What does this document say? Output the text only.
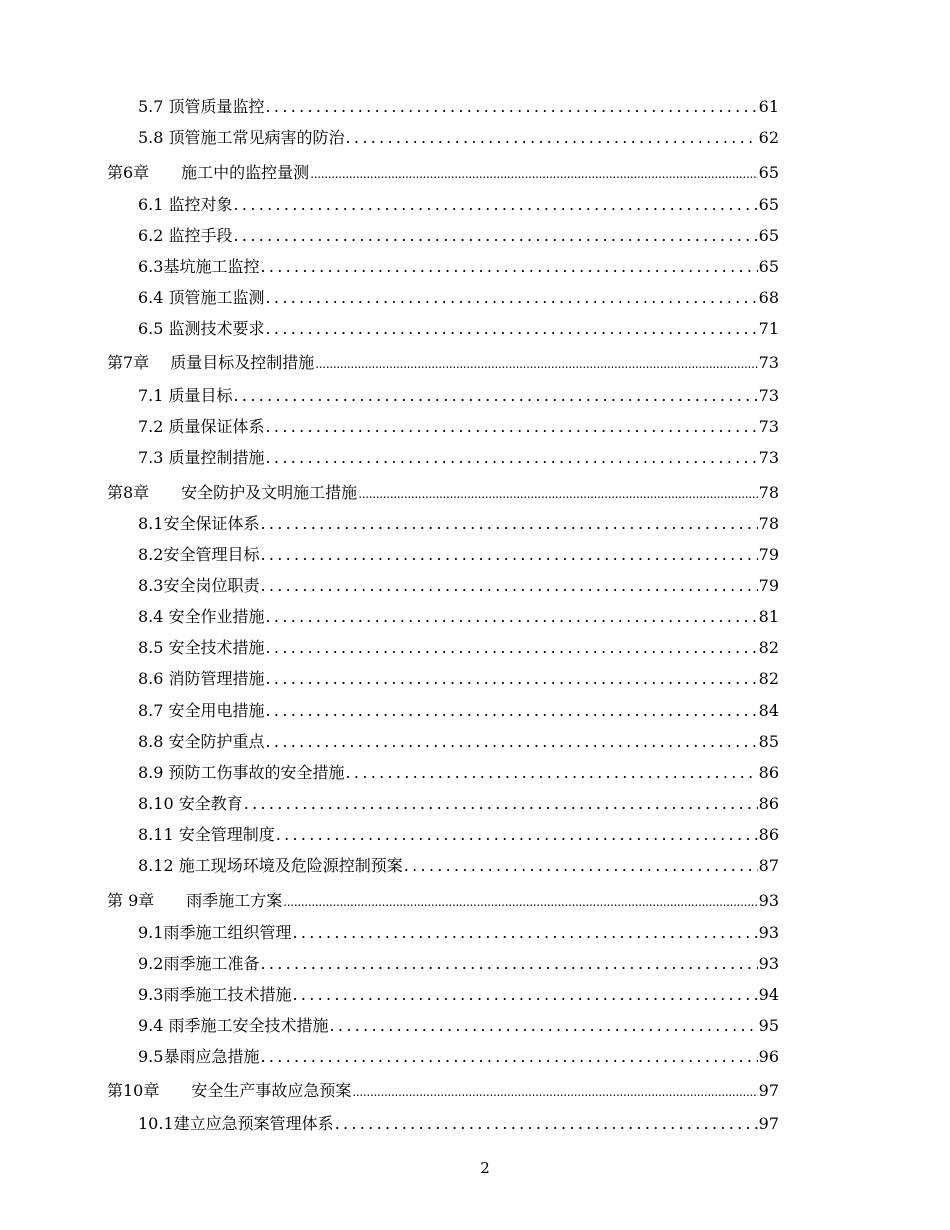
5.7 顶管质量监控 .....	61
5.8 顶管施工常见病害的防治 .....	62
第6章　　施工中的监控量测 .....	65
6.1 监控对象 .....	65
6.2 监控手段 .....	65
6.3基坑施工监控 .....	65
6.4 顶管施工监测 .....	68
6.5 监测技术要求 .....	71
第7章　 质量目标及控制措施 .....	73
7.1 质量目标 .....	73
7.2 质量保证体系 .....	73
7.3 质量控制措施 .....	73
第8章　　安全防护及文明施工措施 .....	78
8.1安全保证体系 .....	78
8.2安全管理目标 .....	79
8.3安全岗位职责 .....	79
8.4 安全作业措施 .....	81
8.5 安全技术措施 .....	82
8.6 消防管理措施 .....	82
8.7 安全用电措施 .....	84
8.8 安全防护重点 .....	85
8.9 预防工伤事故的安全措施 .....	86
8.10 安全教育 .....	86
8.11 安全管理制度 .....	86
8.12 施工现场环境及危险源控制预案 .....	87
第 9章　　雨季施工方案 .....	93
9.1雨季施工组织管理 .....	93
9.2雨季施工准备 .....	93
9.3雨季施工技术措施 .....	94
9.4 雨季施工安全技术措施 .....	95
9.5暴雨应急措施 .....	96
第10章　　安全生产事故应急预案 .....	97
10.1建立应急预案管理体系 .....	97
2
